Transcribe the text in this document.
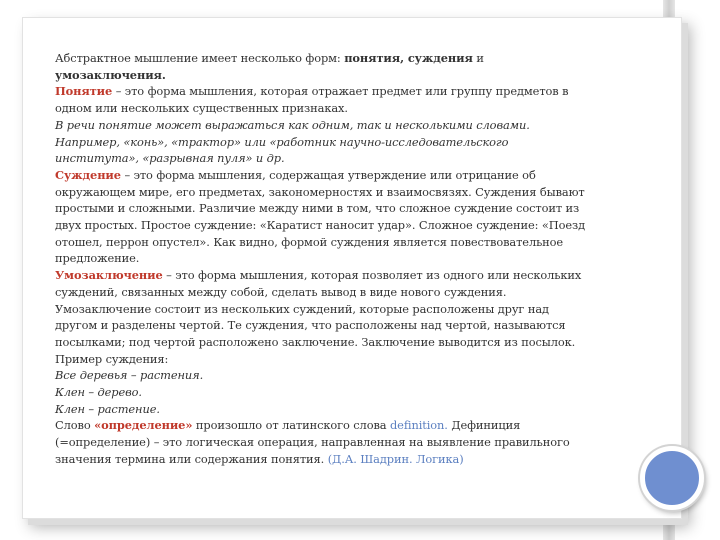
Абстрактное мышление имеет несколько форм: понятия, суждения и
умозаключения.
Понятие – это форма мышления, которая отражает предмет или группу предметов в
одном или нескольких существенных признаках.
В речи понятие может выражаться как одним, так и несколькими словами.
Например, «конь», «трактор» или «работник научно-исследовательского
института», «разрывная пуля» и др.
Суждение – это форма мышления, содержащая утверждение или отрицание об
окружающем мире, его предметах, закономерностях и взаимосвязях. Суждения бывают
простыми и сложными. Различие между ними в том, что сложное суждение состоит из
двух простых. Простое суждение: «Каратист наносит удар». Сложное суждение: «Поезд
отошел, перрон опустел». Как видно, формой суждения является повествовательное
предложение.
Умозаключение – это форма мышления, которая позволяет из одного или нескольких
суждений, связанных между собой, сделать вывод в виде нового суждения.
Умозаключение состоит из нескольких суждений, которые расположены друг над
другом и разделены чертой. Те суждения, что расположены над чертой, называются
посылками; под чертой расположено заключение. Заключение выводится из посылок.
Пример суждения:
Все деревья – растения.
Клен – дерево.
Клен – растение.
Слово «определение» произошло от латинского слова definition. Дефиниция
(=определение) – это логическая операция, направленная на выявление правильного
значения термина или содержания понятия. (Д.А. Шадрин. Логика)
